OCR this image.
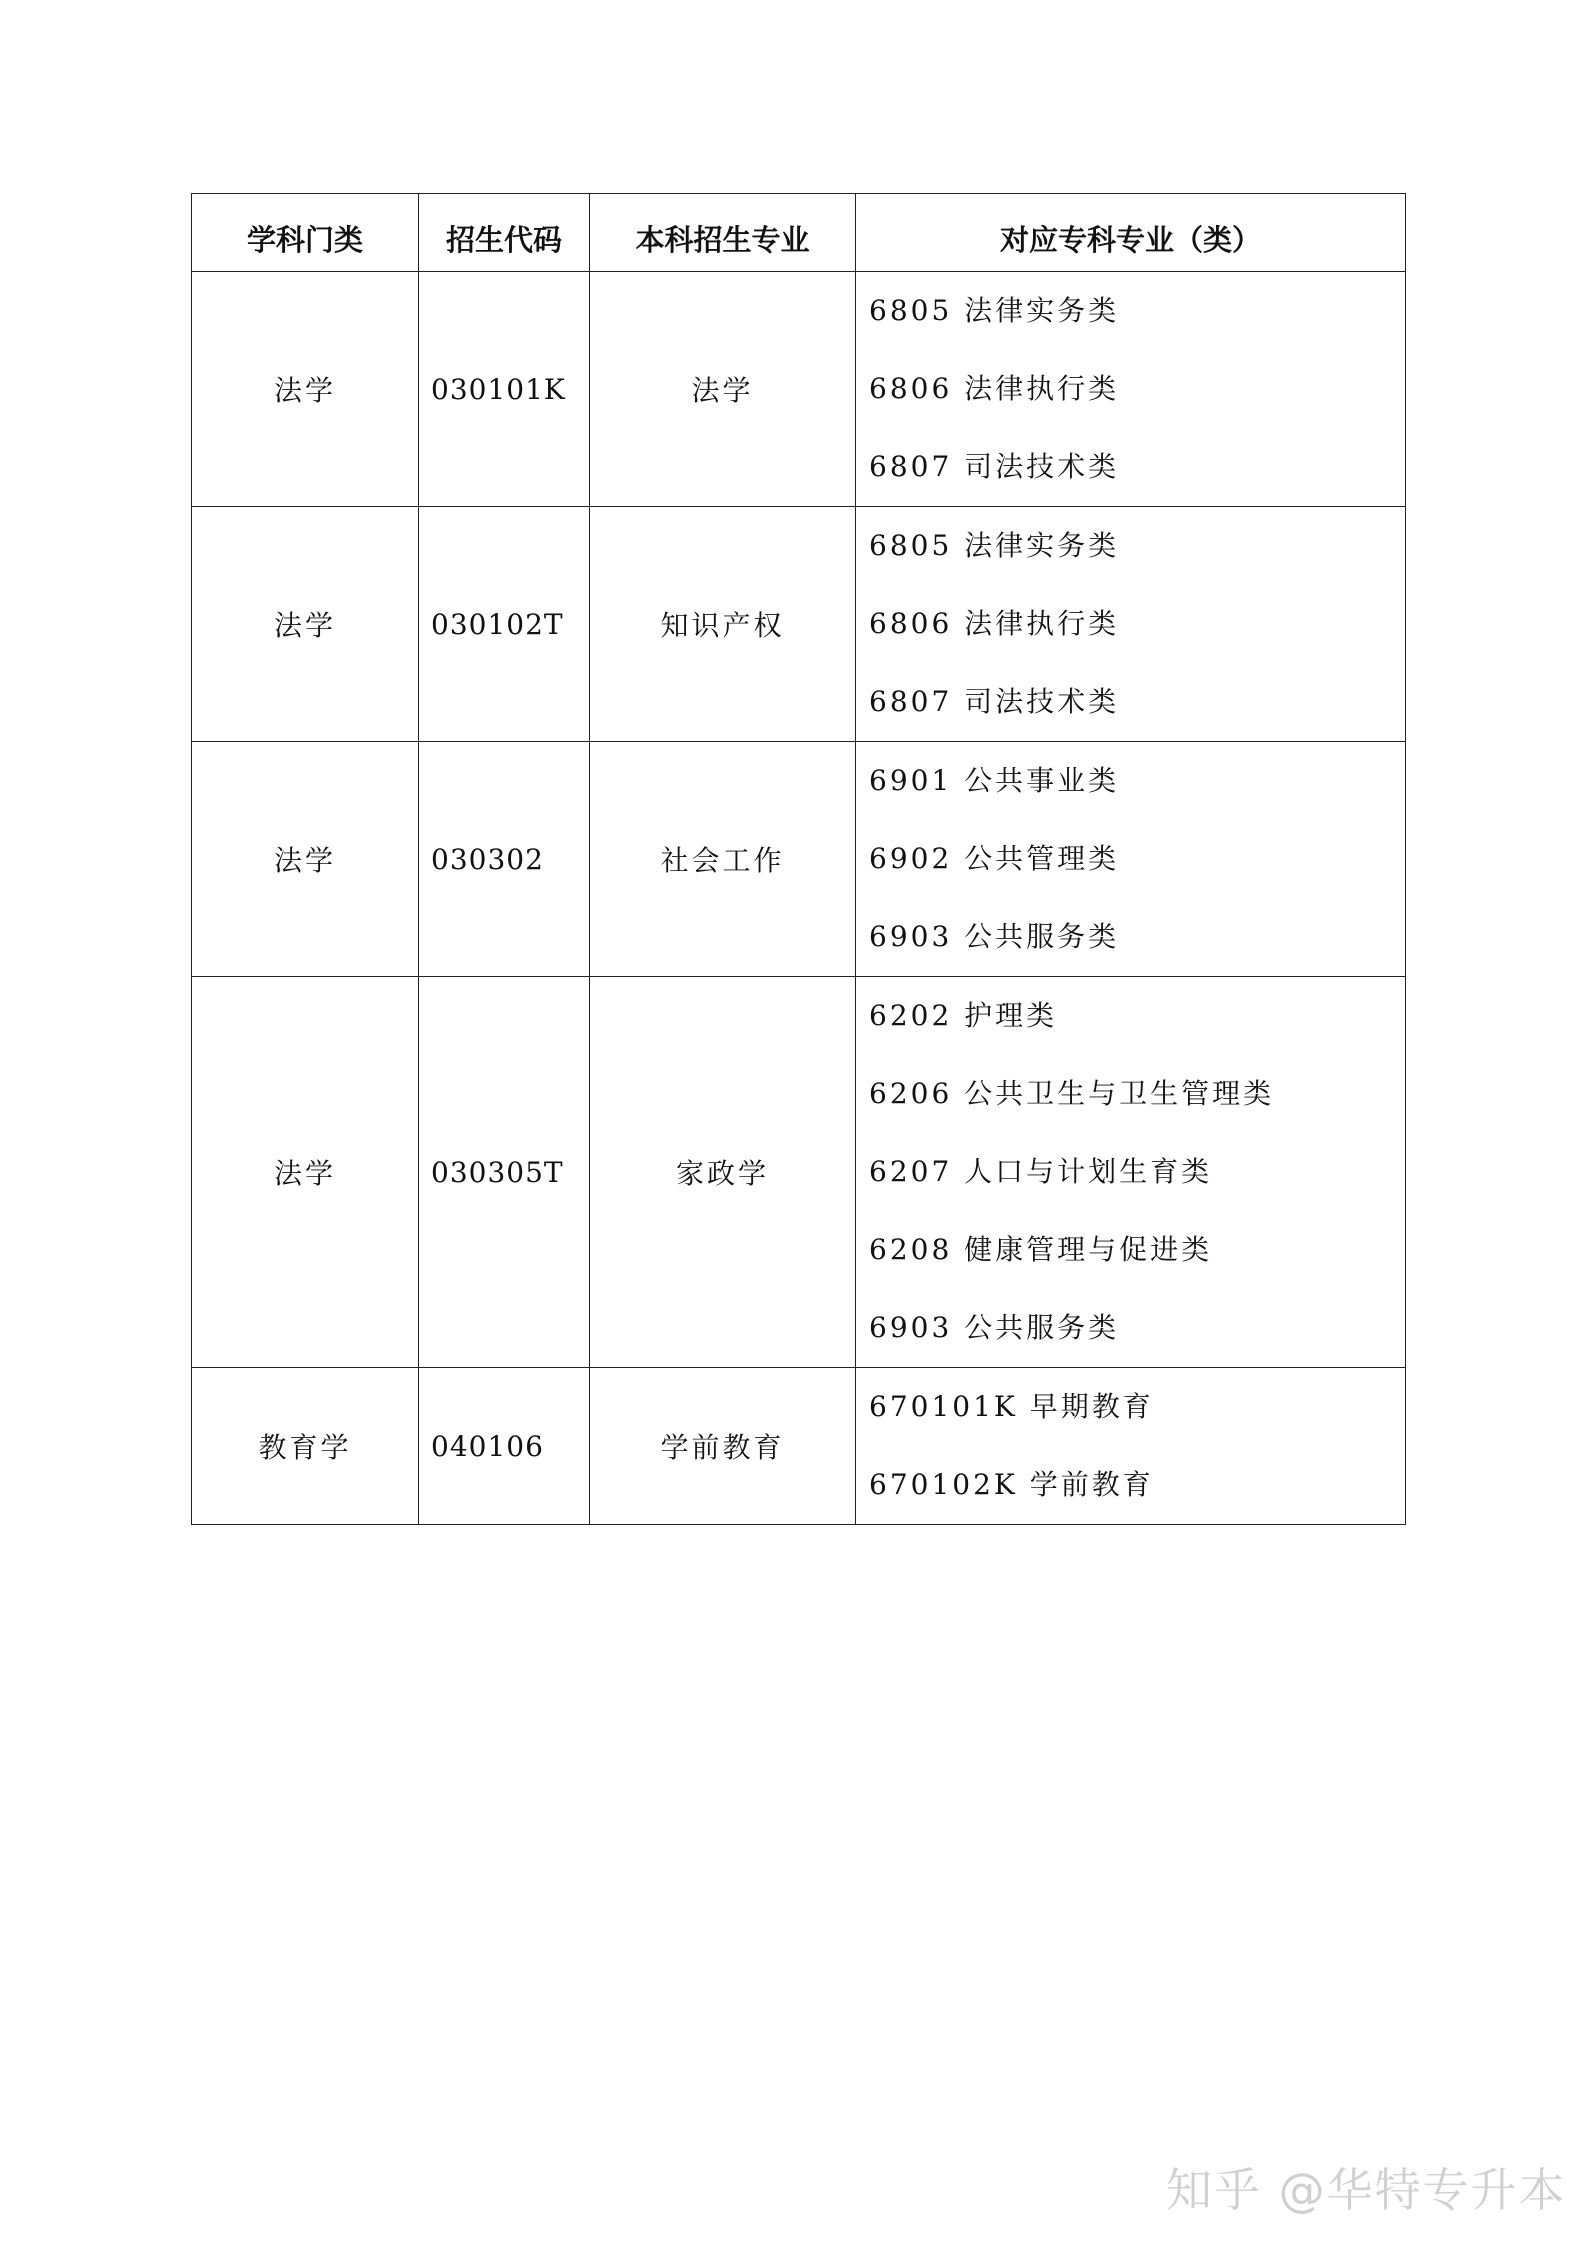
学科门类	招生代码	本科招生专业	对应专科专业（类）
法学	030101K	法学	6805 法律实务类
6806 法律执行类
6807 司法技术类

法学	030102T	知识产权	6805 法律实务类
6806 法律执行类
6807 司法技术类

法学	030302	社会工作	6901 公共事业类
6902 公共管理类
6903 公共服务类

法学	030305T	家政学	6202 护理类
6206 公共卫生与卫生管理类
6207 人口与计划生育类
6208 健康管理与促进类
6903 公共服务类

教育学	040106	学前教育	670101K 早期教育
670102K 学前教育
知乎 @华特专升本
